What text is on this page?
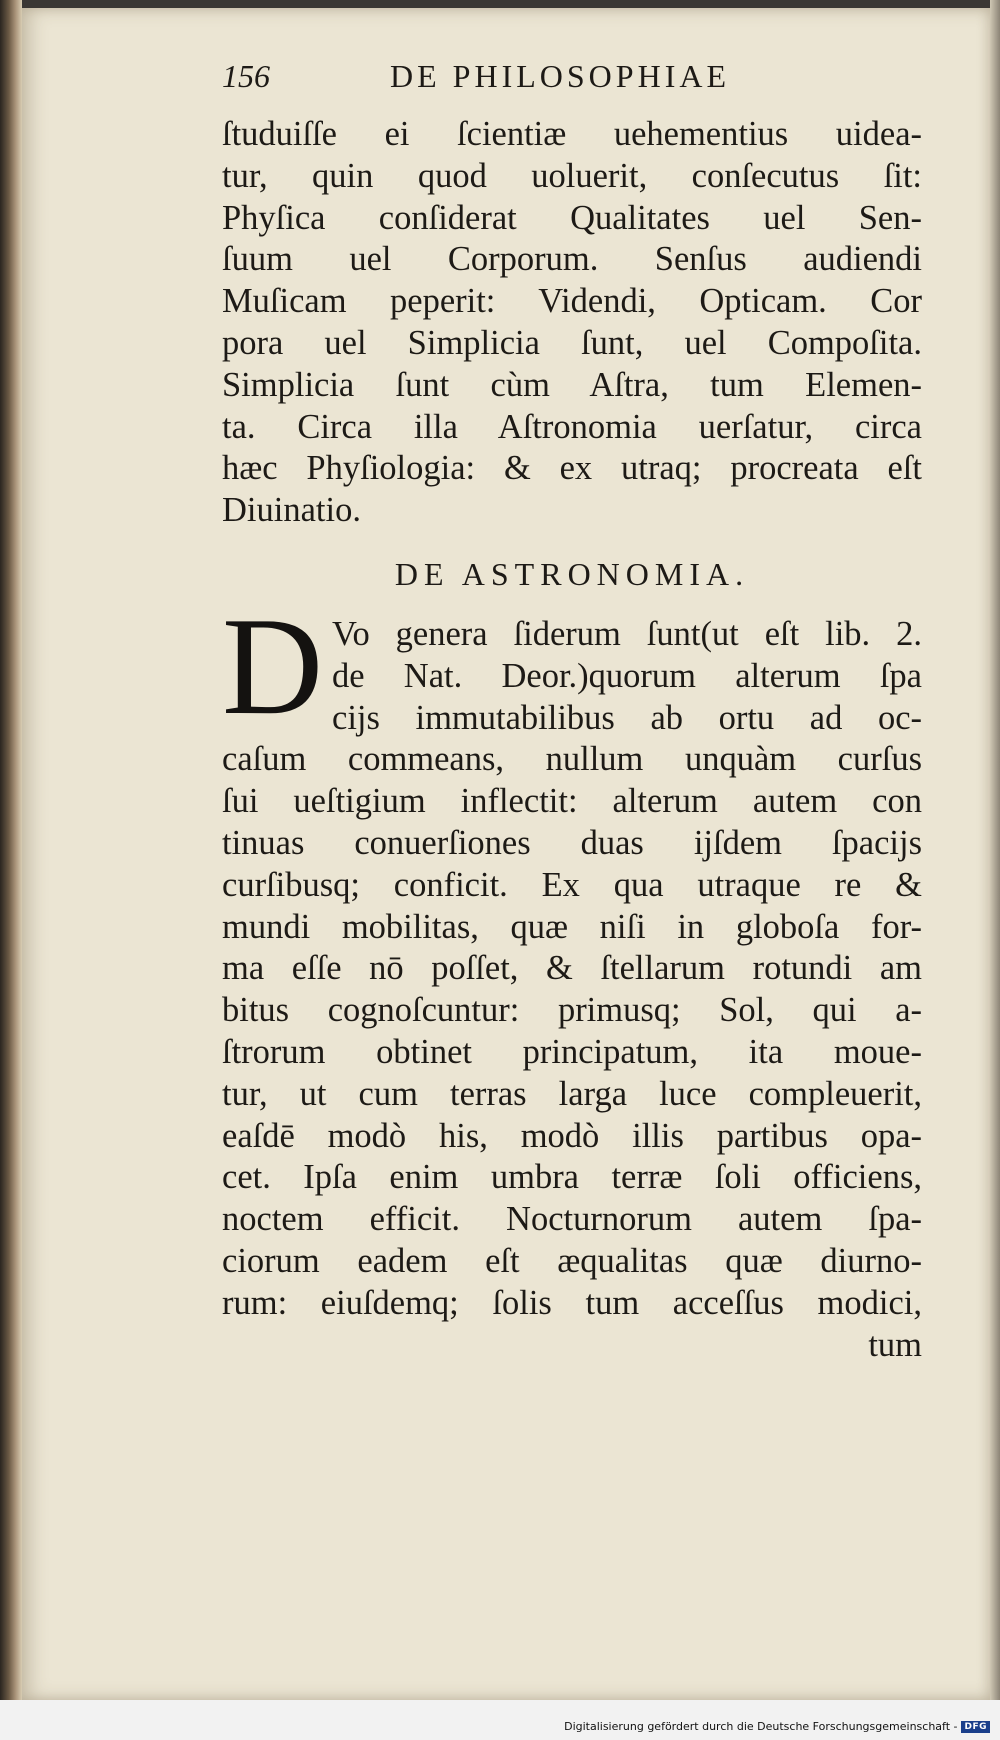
156	DE PHILOSOPHIAE
ſtuduiſſe ei ſcientiæ uehementius uidea-
tur, quin quod uoluerit, conſecutus ſit:
Phyſica conſiderat Qualitates uel Sen-
ſuum uel Corporum. Senſus audiendi
Muſicam peperit: Videndi, Opticam. Cor
pora uel Simplicia ſunt, uel Compoſita.
Simplicia ſunt cùm Aſtra, tum Elemen-
ta. Circa illa Aſtronomia uerſatur, circa
hæc Phyſiologia: & ex utraq; procreata eſt
Diuinatio.
DE ASTRONOMIA.
D Vo genera ſiderum ſunt(ut eſt lib. 2.
de Nat. Deor.)quorum alterum ſpa
cijs immutabilibus ab ortu ad oc-
caſum commeans, nullum unquàm curſus
ſui ueſtigium inflectit: alterum autem con
tinuas conuerſiones duas ijſdem ſpacijs
curſibusq; conficit. Ex qua utraque re &
mundi mobilitas, quæ niſi in globoſa for-
ma eſſe nō poſſet, & ſtellarum rotundi am
bitus cognoſcuntur: primusq; Sol, qui a-
ſtrorum obtinet principatum, ita moue-
tur, ut cum terras larga luce compleuerit,
eaſdē modò his, modò illis partibus opa-
cet. Ipſa enim umbra terræ ſoli officiens,
noctem efficit. Nocturnorum autem ſpa-
ciorum eadem eſt æqualitas quæ diurno-
rum: eiuſdemq; ſolis tum acceſſus modici,
tum
Digitalisierung gefördert durch die Deutsche Forschungsgemeinschaft - DFG
